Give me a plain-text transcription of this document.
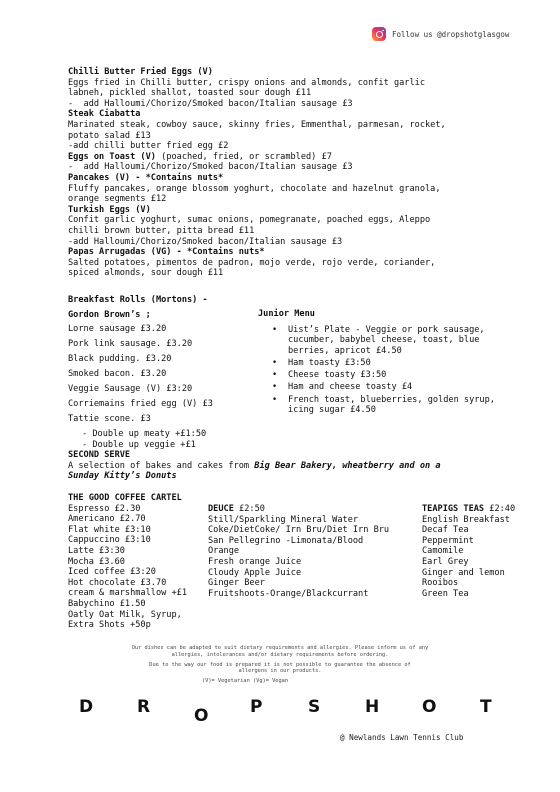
Follow us @dropshotglasgow
Chilli Butter Fried Eggs (V)
Eggs fried in Chilli butter, crispy onions and almonds, confit garlic
labneh, pickled shallot, toasted sour dough £11
-  add Halloumi/Chorizo/Smoked bacon/Italian sausage £3
Steak Ciabatta
Marinated steak, cowboy sauce, skinny fries, Emmenthal, parmesan, rocket,
potato salad £13
-add chilli butter fried egg £2
Eggs on Toast (V) (poached, fried, or scrambled) £7
-  add Halloumi/Chorizo/Smoked bacon/Italian sausage £3
Pancakes (V) - *Contains nuts*
Fluffy pancakes, orange blossom yoghurt, chocolate and hazelnut granola,
orange segments £12
Turkish Eggs (V)
Confit garlic yoghurt, sumac onions, pomegranate, poached eggs, Aleppo
chilli brown butter, pitta bread £11
-add Halloumi/Chorizo/Smoked bacon/Italian sausage £3
Papas Arrugadas (VG) - *Contains nuts*
Salted potatoes, pimentos de padron, mojo verde, rojo verde, coriander,
spiced almonds, sour dough £11
Breakfast Rolls (Mortons) -
Gordon Brown’s ;
Lorne sausage £3.20
Pork link sausage. £3.20
Black pudding. £3.20
Smoked bacon. £3.20
Veggie Sausage (V) £3:20
Corriemains fried egg (V) £3
Tattie scone. £3
- Double up meaty +£1:50
- Double up veggie +£1
Junior Menu
• Uist’s Plate - Veggie or pork sausage,
cucumber, babybel cheese, toast, blue
berries, apricot £4.50
• Ham toasty £3:50
• Cheese toasty £3:50
• Ham and cheese toasty £4
• French toast, blueberries, golden syrup,
icing sugar £4.50
SECOND SERVE
A selection of bakes and cakes from Big Bear Bakery, wheatberry and on a
Sunday Kitty’s Donuts
THE GOOD COFFEE CARTEL
Espresso £2.30
Americano £2.70
Flat white £3:10
Cappuccino £3:10
Latte £3:30
Mocha £3.60
Iced coffee £3:20
Hot chocolate £3.70
cream & marshmallow +£1
Babychino £1.50
Oatly Oat Milk, Syrup,
Extra Shots +50p
DEUCE £2:50
Still/Sparkling Mineral Water
Coke/DietCoke/ Irn Bru/Diet Irn Bru
San Pellegrino -Limonata/Blood
Orange
Fresh orange Juice
Cloudy Apple Juice
Ginger Beer
Fruitshoots-Orange/Blackcurrant
TEAPIGS TEAS £2:40
English Breakfast
Decaf Tea
Peppermint
Camomile
Earl Grey
Ginger and lemon
Rooibos
Green Tea

Our dishes can be adapted to suit dietary requirements and allergies. Please inform us of any
allergies, intolerances and/or dietary requirements before ordering.

Due to the way our food is prepared it is not possible to guarantee the absence of
allergens in our products.

(V)= Vegetarian (Vg)= Vegan

D	R	O P	S	H	O	T
@ Newlands Lawn Tennis Club
